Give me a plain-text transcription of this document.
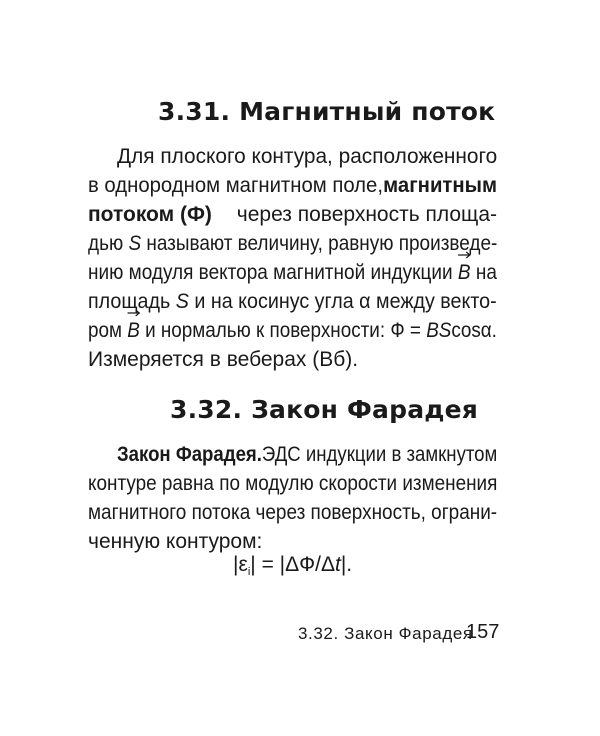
3.31. Магнитный поток
Для плоского контура, расположенного
в однородном магнитном поле, магнитным
потоком (Ф) через поверхность площа-
дью S называют величину, равную произведе-
нию модуля вектора магнитной индукции B на
площадь S и на косинус угла α между векто-
ром B и нормалью к поверхности: Ф = BScosα.
Измеряется в веберах (Вб).
3.32. Закон Фарадея
Закон Фарадея. ЭДС индукции в замкнутом
контуре равна по модулю скорости изменения
магнитного потока через поверхность, ограни-
ченную контуром:
$|\varepsilon_i| = |\Delta Ф/\Delta t|$.
3.32. Закон Фарадея
157
